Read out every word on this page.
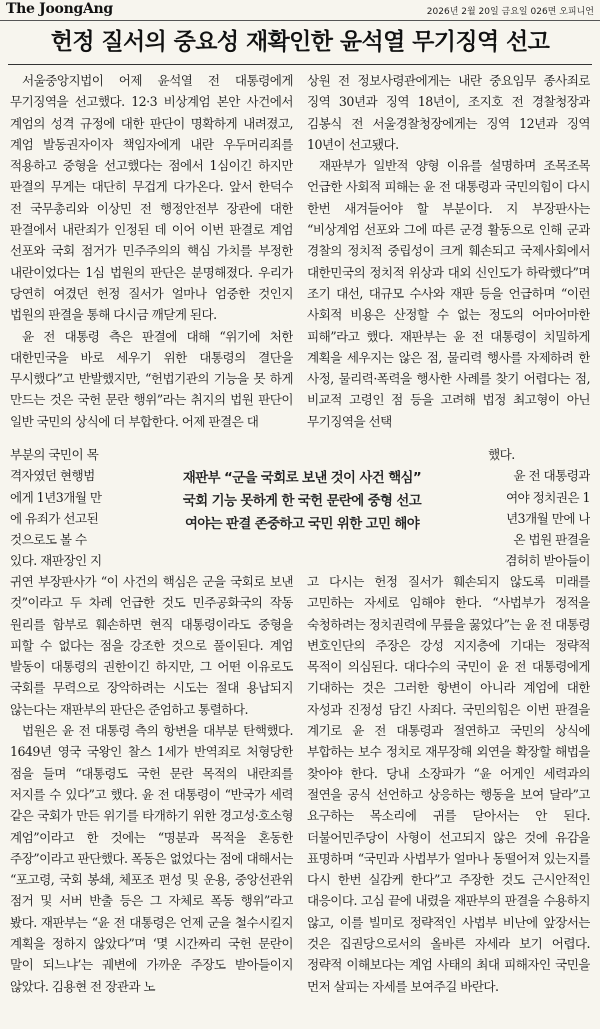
The JoongAng	2026년 2월 20일 금요일 026면 오피니언
헌정 질서의 중요성 재확인한 윤석열 무기징역 선고

서울중앙지법이 어제 윤석열 전 대통령에게 무기징역을 선고했다. 12·3 비상계엄 본안 사건에서 계엄의 성격 규정에 대한 판단이 명확하게 내려졌고, 계엄 발동권자이자 책임자에게 내란 우두머리죄를 적용하고 중형을 선고했다는 점에서 1심이긴 하지만 판결의 무게는 대단히 무겁게 다가온다. 앞서 한덕수 전 국무총리와 이상민 전 행정안전부 장관에 대한 판결에서 내란죄가 인정된 데 이어 이번 판결로 계엄 선포와 국회 점거가 민주주의의 핵심 가치를 부정한 내란이었다는 1심 법원의 판단은 분명해졌다. 우리가 당연히 여겼던 헌정 질서가 얼마나 엄중한 것인지 법원의 판결을 통해 다시금 깨닫게 된다.

윤 전 대통령 측은 판결에 대해 “위기에 처한 대한민국을 바로 세우기 위한 대통령의 결단을 무시했다”고 반발했지만, “헌법기관의 기능을 못 하게 만드는 것은 국헌 문란 행위”라는 취지의 법원 판단이 일반 국민의 상식에 더 부합한다. 어제 판결은 대

부분의 국민이 목
격자였던 현행범
에게 1년3개월 만
에 유죄가 선고된
것으로도 볼 수
있다. 재판장인 지

귀연 부장판사가 “이 사건의 핵심은 군을 국회로 보낸 것”이라고 두 차례 언급한 것도 민주공화국의 작동 원리를 함부로 훼손하면 현직 대통령이라도 중형을 피할 수 없다는 점을 강조한 것으로 풀이된다. 계엄 발동이 대통령의 권한이긴 하지만, 그 어떤 이유로도 국회를 무력으로 장악하려는 시도는 절대 용납되지 않는다는 재판부의 판단은 준엄하고 통렬하다.

법원은 윤 전 대통령 측의 항변을 대부분 탄핵했다. 1649년 영국 국왕인 찰스 1세가 반역죄로 처형당한 점을 들며 “대통령도 국헌 문란 목적의 내란죄를 저지를 수 있다”고 했다. 윤 전 대통령이 “반국가 세력 같은 국회가 만든 위기를 타개하기 위한 경고성·호소형 계엄”이라고 한 것에는 “명분과 목적을 혼동한 주장”이라고 판단했다. 폭동은 없었다는 점에 대해서는 “포고령, 국회 봉쇄, 체포조 편성 및 운용, 중앙선관위 점거 및 서버 반출 등은 그 자체로 폭동 행위”라고 봤다. 재판부는 “윤 전 대통령은 언제 군을 철수시킬지 계획을 정하지 않았다”며 ‘몇 시간짜리 국헌 문란이 말이 되느냐’는 궤변에 가까운 주장도 받아들이지 않았다. 김용현 전 장관과 노

상원 전 정보사령관에게는 내란 중요임무 종사죄로 징역 30년과 징역 18년이, 조지호 전 경찰청장과 김봉식 전 서울경찰청장에게는 징역 12년과 징역 10년이 선고됐다.

재판부가 일반적 양형 이유를 설명하며 조목조목 언급한 사회적 피해는 윤 전 대통령과 국민의힘이 다시 한번 새겨들어야 할 부분이다. 지 부장판사는 “비상계엄 선포와 그에 따른 군경 활동으로 인해 군과 경찰의 정치적 중립성이 크게 훼손되고 국제사회에서 대한민국의 정치적 위상과 대외 신인도가 하락했다”며 조기 대선, 대규모 수사와 재판 등을 언급하며 “이런 사회적 비용은 산정할 수 없는 정도의 어마어마한 피해”라고 했다. 재판부는 윤 전 대통령이 치밀하게 계획을 세우지는 않은 점, 물리력 행사를 자제하려 한 사정, 물리력·폭력을 행사한 사례를 찾기 어렵다는 점, 비교적 고령인 점 등을 고려해 법정 최고형이 아닌 무기징역을 선택

했다.
윤 전 대통령과
여야 정치권은 1
년3개월 만에 나
온 법원 판결을
겸허히 받아들이

고 다시는 헌정 질서가 훼손되지 않도록 미래를 고민하는 자세로 임해야 한다. “사법부가 정적을 숙청하려는 정치권력에 무릎을 꿇었다”는 윤 전 대통령 변호인단의 주장은 강성 지지층에 기대는 정략적 목적이 의심된다. 대다수의 국민이 윤 전 대통령에게 기대하는 것은 그러한 항변이 아니라 계엄에 대한 자성과 진정성 담긴 사죄다. 국민의힘은 이번 판결을 계기로 윤 전 대통령과 절연하고 국민의 상식에 부합하는 보수 정치로 재무장해 외연을 확장할 해법을 찾아야 한다. 당내 소장파가 “윤 어게인 세력과의 절연을 공식 선언하고 상응하는 행동을 보여 달라”고 요구하는 목소리에 귀를 닫아서는 안 된다. 더불어민주당이 사형이 선고되지 않은 것에 유감을 표명하며 “국민과 사법부가 얼마나 동떨어져 있는지를 다시 한번 실감케 한다”고 주장한 것도 근시안적인 대응이다. 고심 끝에 내렸을 재판부의 판결을 수용하지 않고, 이를 빌미로 정략적인 사법부 비난에 앞장서는 것은 집권당으로서의 올바른 자세라 보기 어렵다. 정략적 이해보다는 계엄 사태의 최대 피해자인 국민을 먼저 살피는 자세를 보여주길 바란다.

재판부 “군을 국회로 보낸 것이 사건 핵심”
국회 기능 못하게 한 국헌 문란에 중형 선고
여야는 판결 존중하고 국민 위한 고민 해야
